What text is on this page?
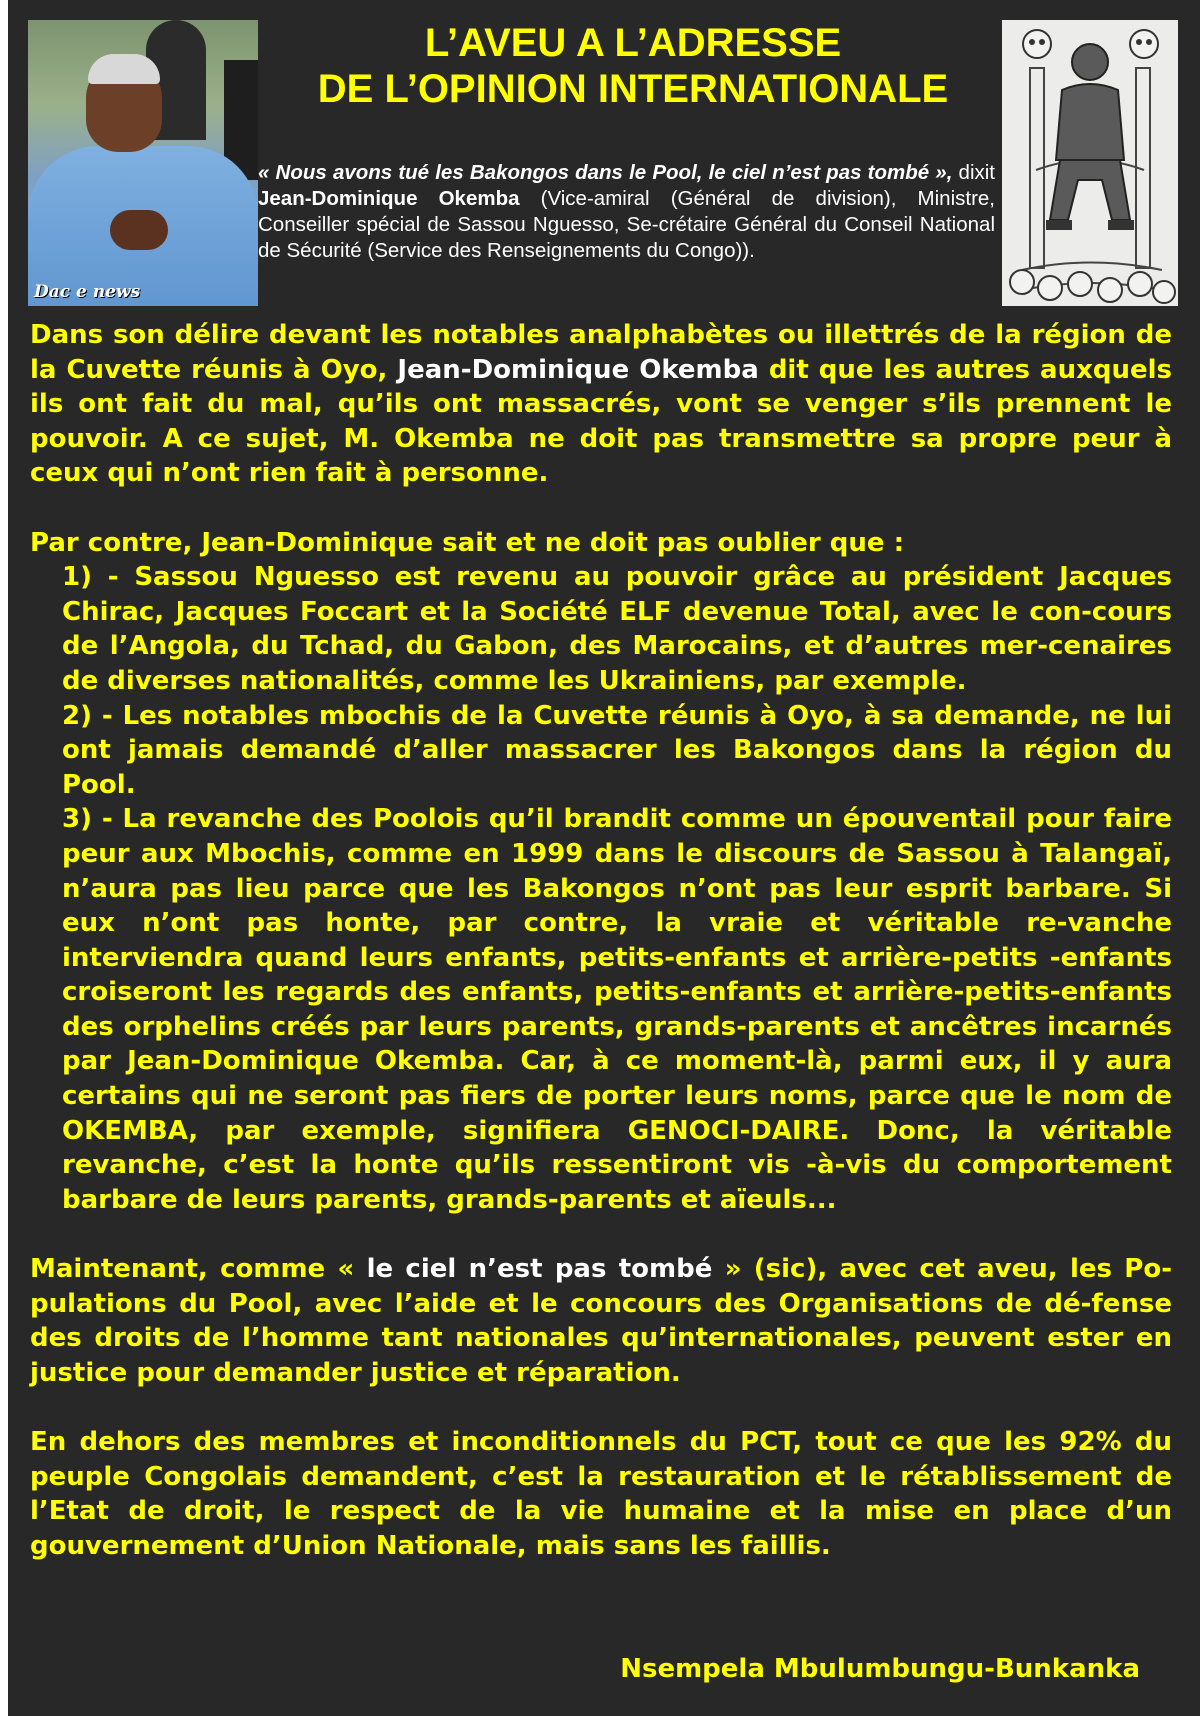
Dac e news
L’AVEU A L’ADRESSE
DE L’OPINION INTERNATIONALE

« Nous avons tué les Bakongos dans le Pool, le ciel n’est pas tombé », dixit Jean-Dominique Okemba (Vice-amiral (Général de division), Ministre, Conseiller spécial de Sassou Nguesso, Se-crétaire Général du Conseil National de Sécurité (Service des Renseignements du Congo)).

Dans son délire devant les notables analphabètes ou illettrés de la région de la Cuvette réunis à Oyo, Jean-Dominique Okemba dit que les autres auxquels ils ont fait du mal, qu’ils ont massacrés, vont se venger s’ils prennent le pouvoir. A ce sujet, M. Okemba ne doit pas transmettre sa propre peur à ceux qui n’ont rien fait à personne.

Par contre, Jean-Dominique sait et ne doit pas oublier que :

1) - Sassou Nguesso est revenu au pouvoir grâce au président Jacques Chirac, Jacques Foccart et la Société ELF devenue Total, avec le con-cours de l’Angola, du Tchad, du Gabon, des Marocains, et d’autres mer-cenaires de diverses nationalités, comme les Ukrainiens, par exemple.
2) - Les notables mbochis de la Cuvette réunis à Oyo, à sa demande, ne lui ont jamais demandé d’aller massacrer les Bakongos dans la région du Pool.
3) - La revanche des Poolois qu’il brandit comme un épouventail pour faire peur aux Mbochis, comme en 1999 dans le discours de Sassou à Talangaï, n’aura pas lieu parce que les Bakongos n’ont pas leur esprit barbare. Si eux n’ont pas honte, par contre, la vraie et véritable re-vanche interviendra quand leurs enfants, petits-enfants et arrière-petits -enfants croiseront les regards des enfants, petits-enfants et arrière-petits-enfants des orphelins créés par leurs parents, grands-parents et ancêtres incarnés par Jean-Dominique Okemba. Car, à ce moment-là, parmi eux, il y aura certains qui ne seront pas fiers de porter leurs noms, parce que le nom de OKEMBA, par exemple, signifiera GENOCI-DAIRE. Donc, la véritable revanche, c’est la honte qu’ils ressentiront vis -à-vis du comportement barbare de leurs parents, grands-parents et aïeuls...

Maintenant, comme « le ciel n’est pas tombé » (sic), avec cet aveu, les Po-pulations du Pool, avec l’aide et le concours des Organisations de dé-fense des droits de l’homme tant nationales qu’internationales, peuvent ester en justice pour demander justice et réparation.

En dehors des membres et inconditionnels du PCT, tout ce que les 92% du peuple Congolais demandent, c’est la restauration et le rétablissement de l’Etat de droit, le respect de la vie humaine et la mise en place d’un gouvernement d’Union Nationale, mais sans les faillis.

Nsempela Mbulumbungu-Bunkanka
